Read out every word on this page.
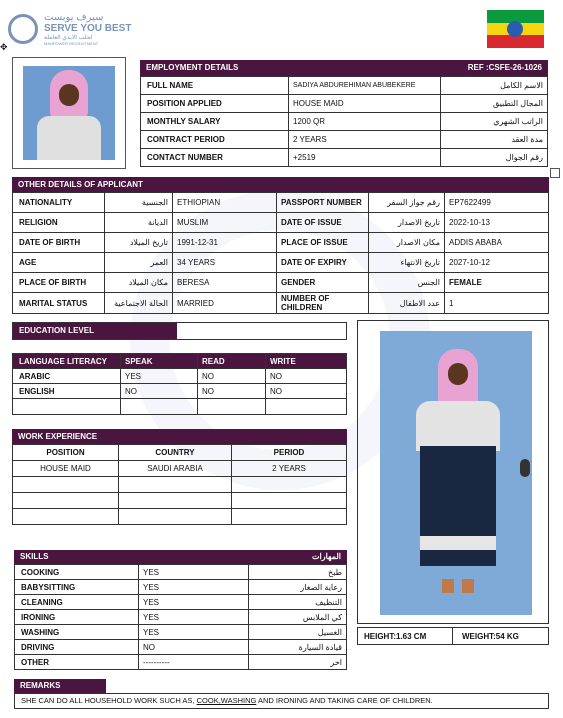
سيرف يوبست
SERVE YOU BEST
لجلب الايدي العاملة
MANPOWER RECRUITMENT
✥
EMPLOYMENT DETAILS	REF :CSFE-26-1026
FULL NAME	SADIYA ABDUREHIMAN ABUBEKERE	الاسم الكامل
POSITION APPLIED	HOUSE MAID	المجال التطبيق
MONTHLY SALARY	1200 QR	الراتب الشهري
CONTRACT PERIOD	2 YEARS	مدة العقد
CONTACT NUMBER	+2519	رقم الجوال
OTHER DETAILS OF APPLICANT
NATIONALITY	الجنسية	ETHIOPIAN	PASSPORT NUMBER	رقم جواز السفر	EP7622499
RELIGION	الديانة	MUSLIM	DATE OF ISSUE	تاريخ الاصدار	2022-10-13
DATE OF BIRTH	تاريخ الميلاد	1991-12-31	PLACE OF ISSUE	مكان الاصدار	ADDIS ABABA
AGE	العمر	34 YEARS	DATE OF EXPIRY	تاريخ الانتهاء	2027-10-12
PLACE OF BIRTH	مكان الميلاد	BERESA	GENDER	الجنس	FEMALE
MARITAL STATUS	الحالة الاجتماعية	MARRIED	NUMBER OF CHILDREN	عدد الاطفال	1
EDUCATION LEVEL
LANGUAGE LITERACY	SPEAK	READ	WRITE
ARABIC	YES	NO	NO
ENGLISH	NO	NO	NO

WORK EXPERIENCE
POSITION	COUNTRY	PERIOD
HOUSE MAID	SAUDI ARABIA	2 YEARS

SKILLS	المهارات
COOKING	YES	طبخ
BABYSITTING	YES	رعاية الصغار
CLEANING	YES	التنظيف
IRONING	YES	كي الملابس
WASHING	YES	الغسيل
DRIVING	NO	قيادة السيارة
OTHER	----------	اخر
HEIGHT:1.63 CM	WEIGHT:54 KG
REMARKS
SHE CAN DO ALL HOUSEHOLD WORK SUCH AS, COOK,WASHING AND IRONING AND TAKING CARE OF CHILDREN.
